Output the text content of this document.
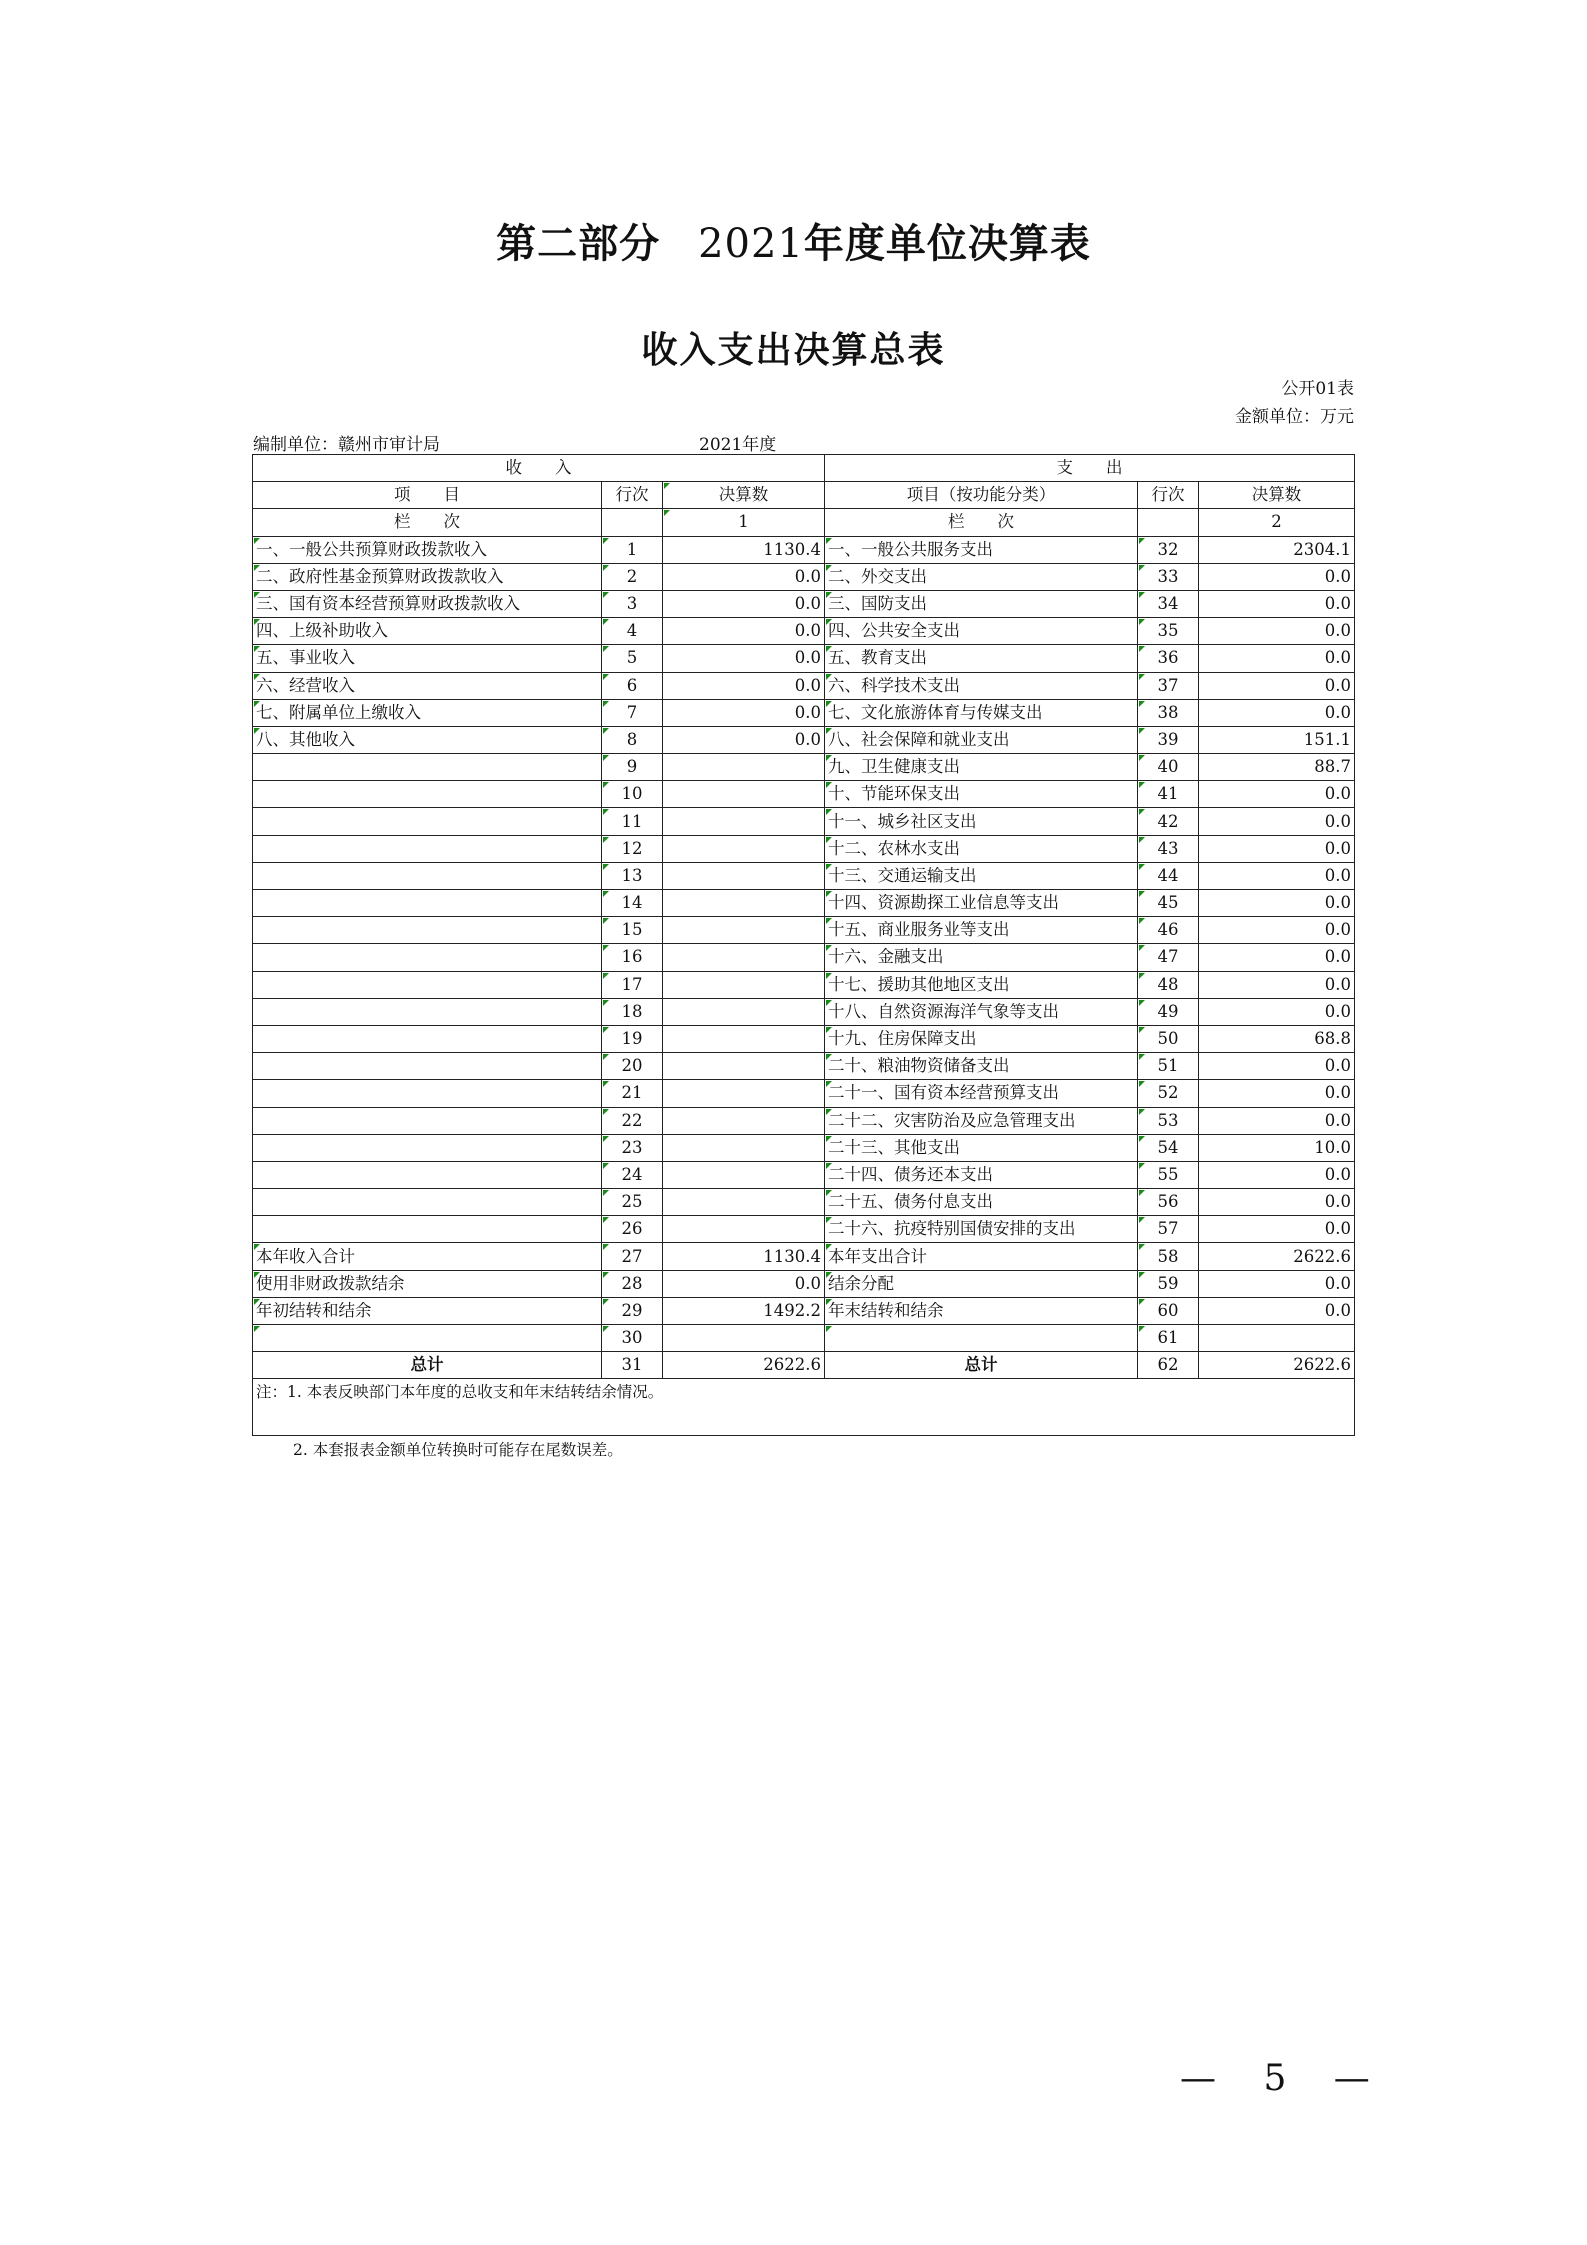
第二部分 2021年度单位决算表
收入支出决算总表
公开01表
金额单位：万元
编制单位：赣州市审计局	2021年度
收　　入			支　　出		
项　　目	行次	决算数	项目（按功能分类）	行次	决算数
栏　　次		1	栏　　次		2
一、一般公共预算财政拨款收入	1	1130.4	一、一般公共服务支出	32	2304.1
二、政府性基金预算财政拨款收入	2	0.0	二、外交支出	33	0.0
三、国有资本经营预算财政拨款收入	3	0.0	三、国防支出	34	0.0
四、上级补助收入	4	0.0	四、公共安全支出	35	0.0
五、事业收入	5	0.0	五、教育支出	36	0.0
六、经营收入	6	0.0	六、科学技术支出	37	0.0
七、附属单位上缴收入	7	0.0	七、文化旅游体育与传媒支出	38	0.0
八、其他收入	8	0.0	八、社会保障和就业支出	39	151.1
	9		九、卫生健康支出	40	88.7
	10		十、节能环保支出	41	0.0
	11		十一、城乡社区支出	42	0.0
	12		十二、农林水支出	43	0.0
	13		十三、交通运输支出	44	0.0
	14		十四、资源勘探工业信息等支出	45	0.0
	15		十五、商业服务业等支出	46	0.0
	16		十六、金融支出	47	0.0
	17		十七、援助其他地区支出	48	0.0
	18		十八、自然资源海洋气象等支出	49	0.0
	19		十九、住房保障支出	50	68.8
	20		二十、粮油物资储备支出	51	0.0
	21		二十一、国有资本经营预算支出	52	0.0
	22		二十二、灾害防治及应急管理支出	53	0.0
	23		二十三、其他支出	54	10.0
	24		二十四、债务还本支出	55	0.0
	25		二十五、债务付息支出	56	0.0
	26		二十六、抗疫特别国债安排的支出	57	0.0
本年收入合计	27	1130.4	本年支出合计	58	2622.6
使用非财政拨款结余	28	0.0	结余分配	59	0.0
年初结转和结余	29	1492.2	年末结转和结余	60	0.0
	30			61	
总计	31	2622.6	总计	62	2622.6
注：1. 本表反映部门本年度的总收支和年末结转结余情况。					
2. 本套报表金额单位转换时可能存在尾数误差。
— 5 —
